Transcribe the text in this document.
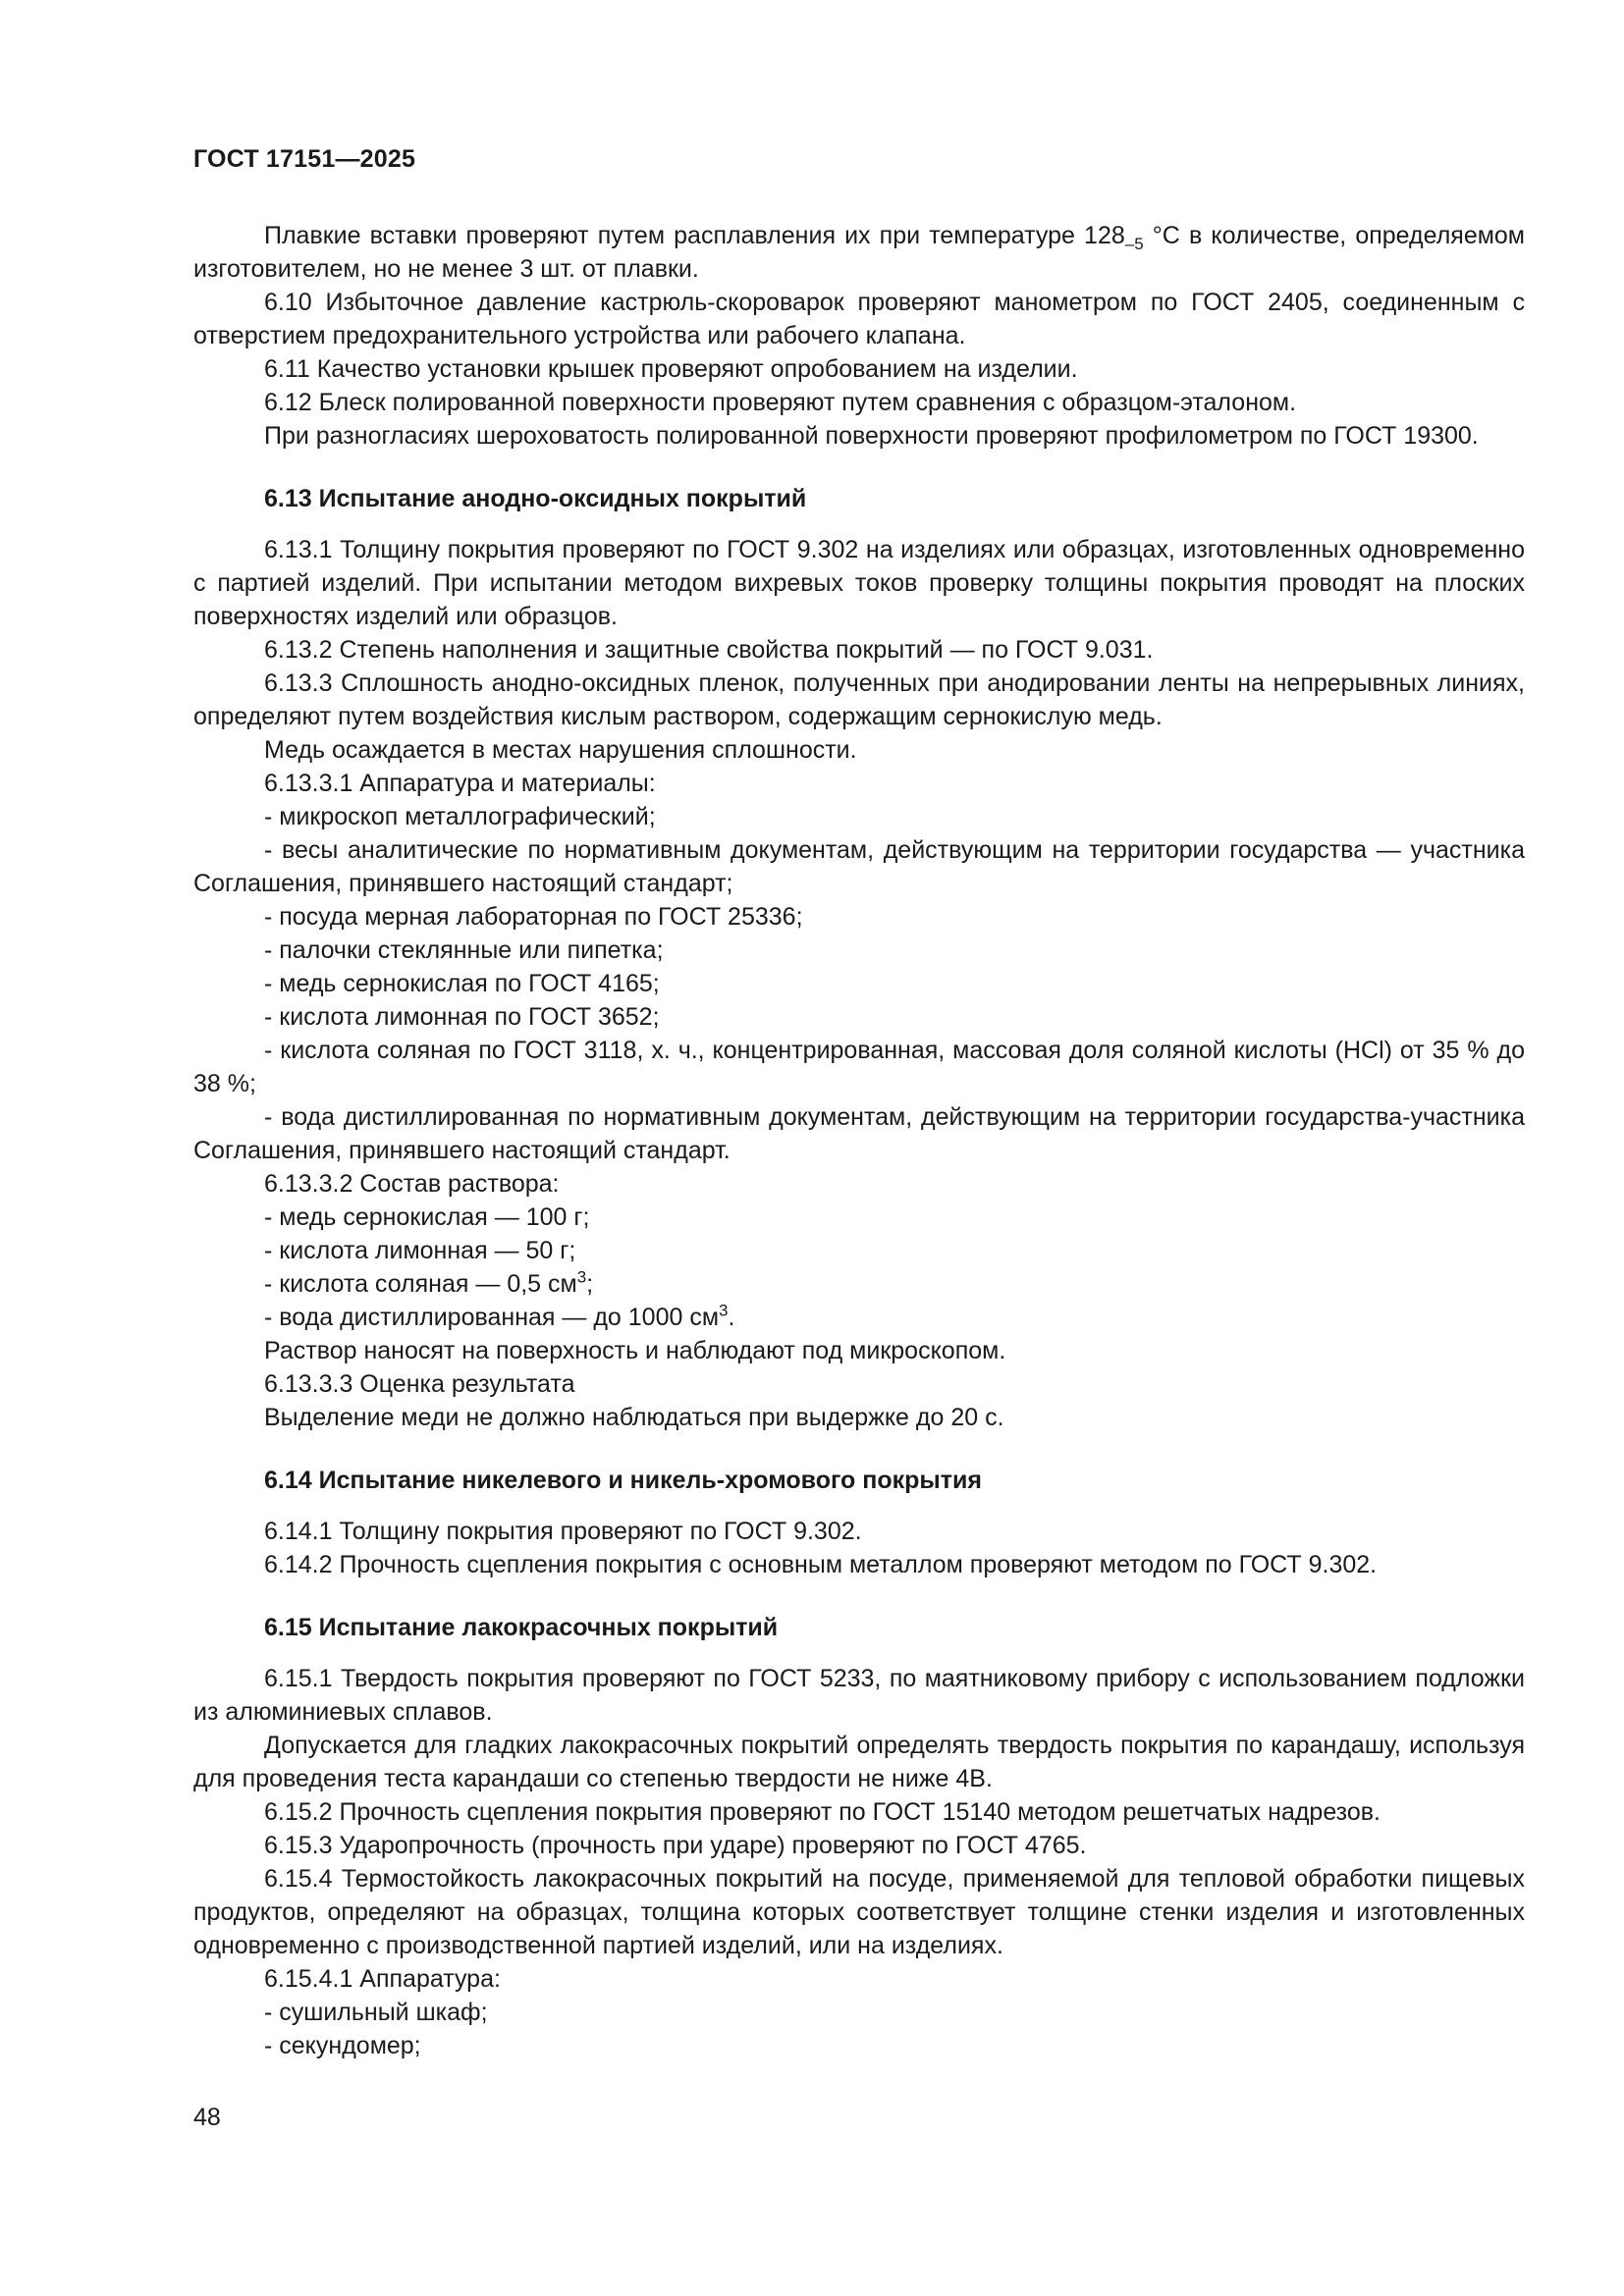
ГОСТ 17151—2025

Плавкие вставки проверяют путем расплавления их при температуре $128_{-5}$ °С в количестве, определяемом изготовителем, но не менее 3 шт. от плавки.

6.10 Избыточное давление кастрюль-скороварок проверяют манометром по ГОСТ 2405, соединенным с отверстием предохранительного устройства или рабочего клапана.

6.11 Качество установки крышек проверяют опробованием на изделии.

6.12 Блеск полированной поверхности проверяют путем сравнения с образцом-эталоном.

При разногласиях шероховатость полированной поверхности проверяют профилометром по ГОСТ 19300.

6.13 Испытание анодно-оксидных покрытий

6.13.1 Толщину покрытия проверяют по ГОСТ 9.302 на изделиях или образцах, изготовленных одновременно с партией изделий. При испытании методом вихревых токов проверку толщины покрытия проводят на плоских поверхностях изделий или образцов.

6.13.2 Степень наполнения и защитные свойства покрытий — по ГОСТ 9.031.

6.13.3 Сплошность анодно-оксидных пленок, полученных при анодировании ленты на непрерывных линиях, определяют путем воздействия кислым раствором, содержащим сернокислую медь.

Медь осаждается в местах нарушения сплошности.

6.13.3.1 Аппаратура и материалы:

- микроскоп металлографический;

- весы аналитические по нормативным документам, действующим на территории государства — участника Соглашения, принявшего настоящий стандарт;

- посуда мерная лабораторная по ГОСТ 25336;

- палочки стеклянные или пипетка;

- медь сернокислая по ГОСТ 4165;

- кислота лимонная по ГОСТ 3652;

- кислота соляная по ГОСТ 3118, х. ч., концентрированная, массовая доля соляной кислоты (HCl) от 35 % до 38 %;

- вода дистиллированная по нормативным документам, действующим на территории государства-участника Соглашения, принявшего настоящий стандарт.

6.13.3.2 Состав раствора:

- медь сернокислая — 100 г;

- кислота лимонная — 50 г;

- кислота соляная — 0,5 $см^3$;

- вода дистиллированная — до 1000 $см^3$.

Раствор наносят на поверхность и наблюдают под микроскопом.

6.13.3.3 Оценка результата

Выделение меди не должно наблюдаться при выдержке до 20 с.

6.14 Испытание никелевого и никель-хромового покрытия

6.14.1 Толщину покрытия проверяют по ГОСТ 9.302.

6.14.2 Прочность сцепления покрытия с основным металлом проверяют методом по ГОСТ 9.302.

6.15 Испытание лакокрасочных покрытий

6.15.1 Твердость покрытия проверяют по ГОСТ 5233, по маятниковому прибору с использованием подложки из алюминиевых сплавов.

Допускается для гладких лакокрасочных покрытий определять твердость покрытия по карандашу, используя для проведения теста карандаши со степенью твердости не ниже 4В.

6.15.2 Прочность сцепления покрытия проверяют по ГОСТ 15140 методом решетчатых надрезов.

6.15.3 Ударопрочность (прочность при ударе) проверяют по ГОСТ 4765.

6.15.4 Термостойкость лакокрасочных покрытий на посуде, применяемой для тепловой обработки пищевых продуктов, определяют на образцах, толщина которых соответствует толщине стенки изделия и изготовленных одновременно с производственной партией изделий, или на изделиях.

6.15.4.1 Аппаратура:

- сушильный шкаф;

- секундомер;

48
